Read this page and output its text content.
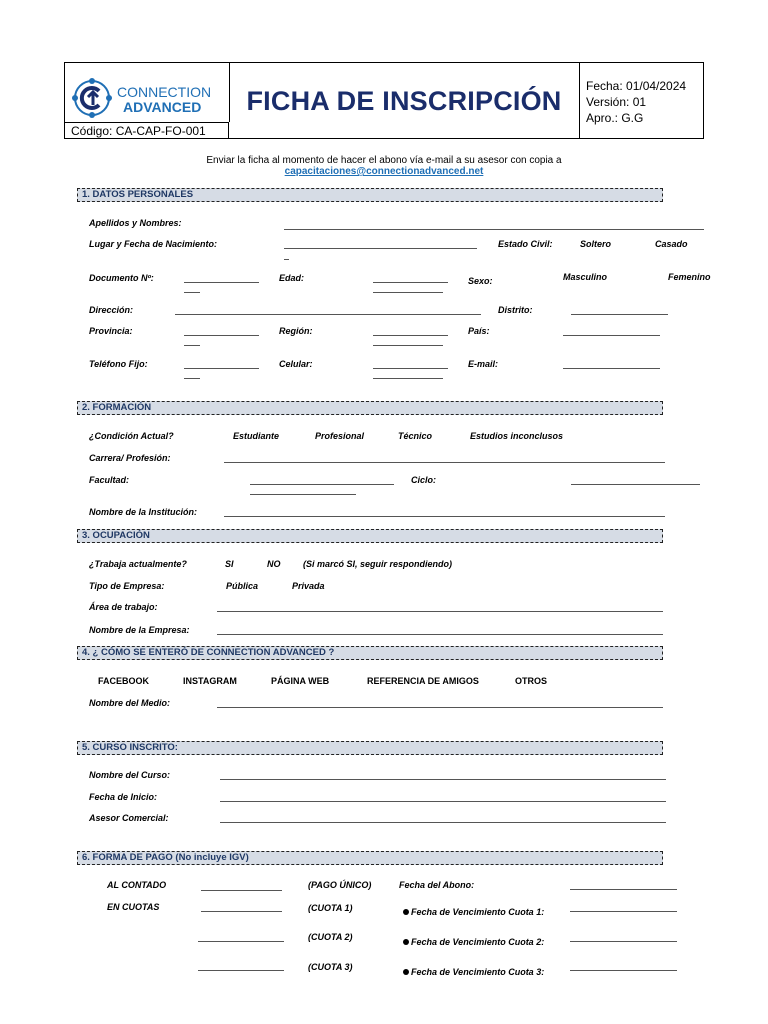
CONNECTION
ADVANCED
Código: CA-CAP-FO-001
FICHA DE INSCRIPCIÓN	Fecha: 01/04/2024
Versión: 01
Apro.: G.G
Enviar la ficha al momento de hacer el abono vía e-mail a su asesor con copia a
capacitaciones@connectionadvanced.net
1. DATOS PERSONALES
Apellidos y Nombres:
Lugar y Fecha de Nacimiento:	Estado Civil:	Soltero	Casado
Documento Nº:	Edad:	Sexo:	Masculino	Femenino
Dirección:	Distrito:
Provincia:	Región:	País:
Teléfono Fijo:	Celular:	E-mail:
2. FORMACIÓN
¿Condición Actual?	Estudiante	Profesional	Técnico	Estudios inconclusos
Carrera/ Profesión:
Facultad:	Ciclo:
Nombre de la Institución:
3. OCUPACIÓN
¿Trabaja actualmente?	SI	NO	(Si marcó SI, seguir respondiendo)
Tipo de Empresa:	Pública	Privada
Área de trabajo:
Nombre de la Empresa:
4. ¿ CÓMO SE ENTERÓ DE CONNECTION ADVANCED ?
FACEBOOK	INSTAGRAM	PÁGINA WEB	REFERENCIA DE AMIGOS	OTROS
Nombre del Medio:
5. CURSO INSCRITO:
Nombre del Curso:
Fecha de Inicio:
Asesor Comercial:
6. FORMA DE PAGO (No incluye IGV)
AL CONTADO	(PAGO ÚNICO)	Fecha del Abono:
EN CUOTAS	(CUOTA 1)	Fecha de Vencimiento Cuota 1:
(CUOTA 2)	Fecha de Vencimiento Cuota 2:
(CUOTA 3)	Fecha de Vencimiento Cuota 3:
